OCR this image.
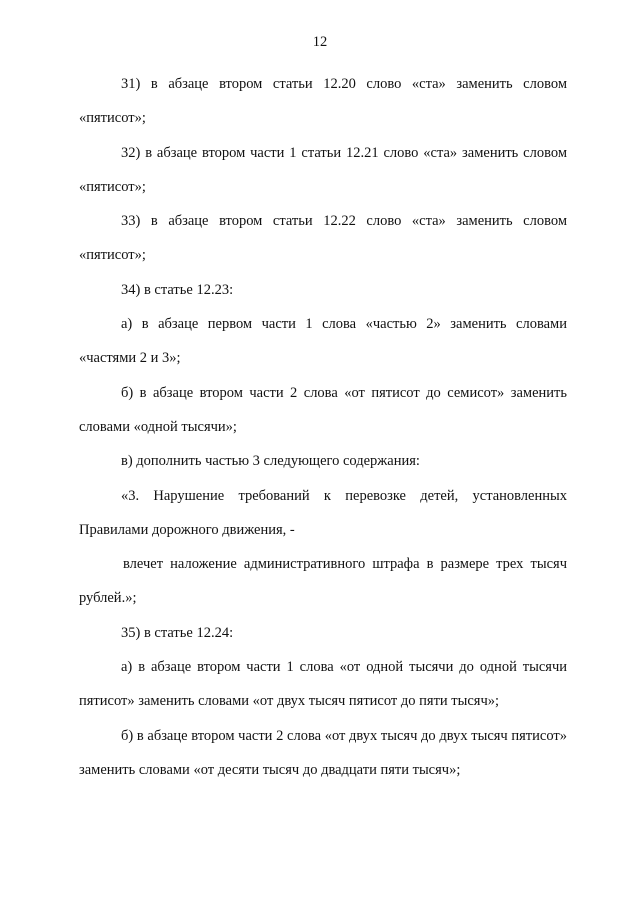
12

31) в абзаце втором статьи 12.20 слово «ста» заменить словом «пятисот»;

32) в абзаце втором части 1 статьи 12.21 слово «ста» заменить словом «пятисот»;

33) в абзаце втором статьи 12.22 слово «ста» заменить словом «пятисот»;

34) в статье 12.23:

а) в абзаце первом части 1 слова «частью 2» заменить словами «частями 2 и 3»;

б) в абзаце втором части 2 слова «от пятисот до семисот» заменить словами «одной тысячи»;

в) дополнить частью 3 следующего содержания:

«3. Нарушение требований к перевозке детей, установленных Правилами дорожного движения, -

влечет наложение административного штрафа в размере трех тысяч рублей.»;

35) в статье 12.24:

а) в абзаце втором части 1 слова «от одной тысячи до одной тысячи пятисот» заменить словами «от двух тысяч пятисот до пяти тысяч»;

б) в абзаце втором части 2 слова «от двух тысяч до двух тысяч пятисот» заменить словами «от десяти тысяч до двадцати пяти тысяч»;
